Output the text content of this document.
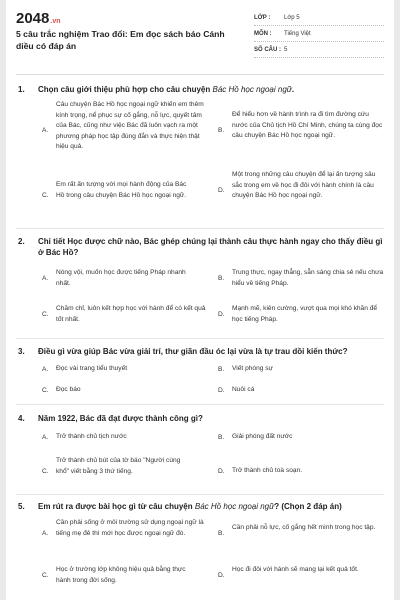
2048.vn
5 câu trắc nghiệm Trao đổi: Em đọc sách báo Cánh diều có đáp án
LỚP :	Lớp 5
MÔN :	Tiếng Việt
SỐ CÂU : 5
1.	Chọn câu giới thiệu phù hợp cho câu chuyện Bác Hồ học ngoại ngữ.
A.
Câu chuyện Bác Hồ học ngoại ngữ khiến em thêm kính trọng, nể phục sự cố gắng, nỗ lực, quyết tâm của Bác, cũng như việc Bác đã luôn vạch ra một phương pháp học tập đúng đắn và thực hiện thật hiệu quả.
B.
Để hiểu hơn về hành trình ra đi tìm đường cứu nước của Chủ tịch Hồ Chí Minh, chúng ta cùng đọc câu chuyện Bác Hồ học ngoại ngữ.
C.
Em rất ấn tượng với mọi hành động của Bác Hồ trong câu chuyện Bác Hồ học ngoại ngữ.
D.
Một trong những câu chuyện để lại ấn tượng sâu sắc trong em về học đi đôi với hành chính là câu chuyện Bác Hồ học ngoại ngữ.
2.	Chi tiết Học được chữ nào, Bác ghép chúng lại thành câu thực hành ngay cho thấy điều gì ở Bác Hồ?
A.
Nóng vội, muốn học được tiếng Pháp nhanh nhất.
B.
Trung thực, ngay thẳng, sẵn sàng chia sẻ nếu chưa hiểu về tiếng Pháp.
C.
Chăm chỉ, luôn kết hợp học với hành để có kết quả tốt nhất.
D.
Mạnh mẽ, kiên cường, vượt qua mọi khó khăn để học tiếng Pháp.
3.	Điều gì vừa giúp Bác vừa giải trí, thư giãn đầu óc lại vừa là tự trau dồi kiến thức?
A.	Đọc vài trang tiểu thuyết	B.	Viết phóng sự
C.	Đọc báo	D.	Nuôi cá
4.	Năm 1922, Bác đã đạt được thành công gì?
A.	Trở thành chủ tịch nước	B.	Giải phóng đất nước
C.
Trở thành chủ bút của tờ báo "Người cùng khổ" viết bằng 3 thứ tiếng.	D.	Trở thành chủ toà soạn.
5.	Em rút ra được bài học gì từ câu chuyện Bác Hồ học ngoại ngữ? (Chọn 2 đáp án)
A.
Cần phải sống ở môi trường sử dụng ngoại ngữ là tiếng mẹ đẻ thì mới học được ngoại ngữ đó.	B.
Cần phải nỗ lực, cố gắng hết mình trong học tập.
C.
Học ở trường lớp không hiệu quả bằng thực hành trong đời sống.
D.
Học đi đôi với hành sẽ mang lại kết quả tốt.
